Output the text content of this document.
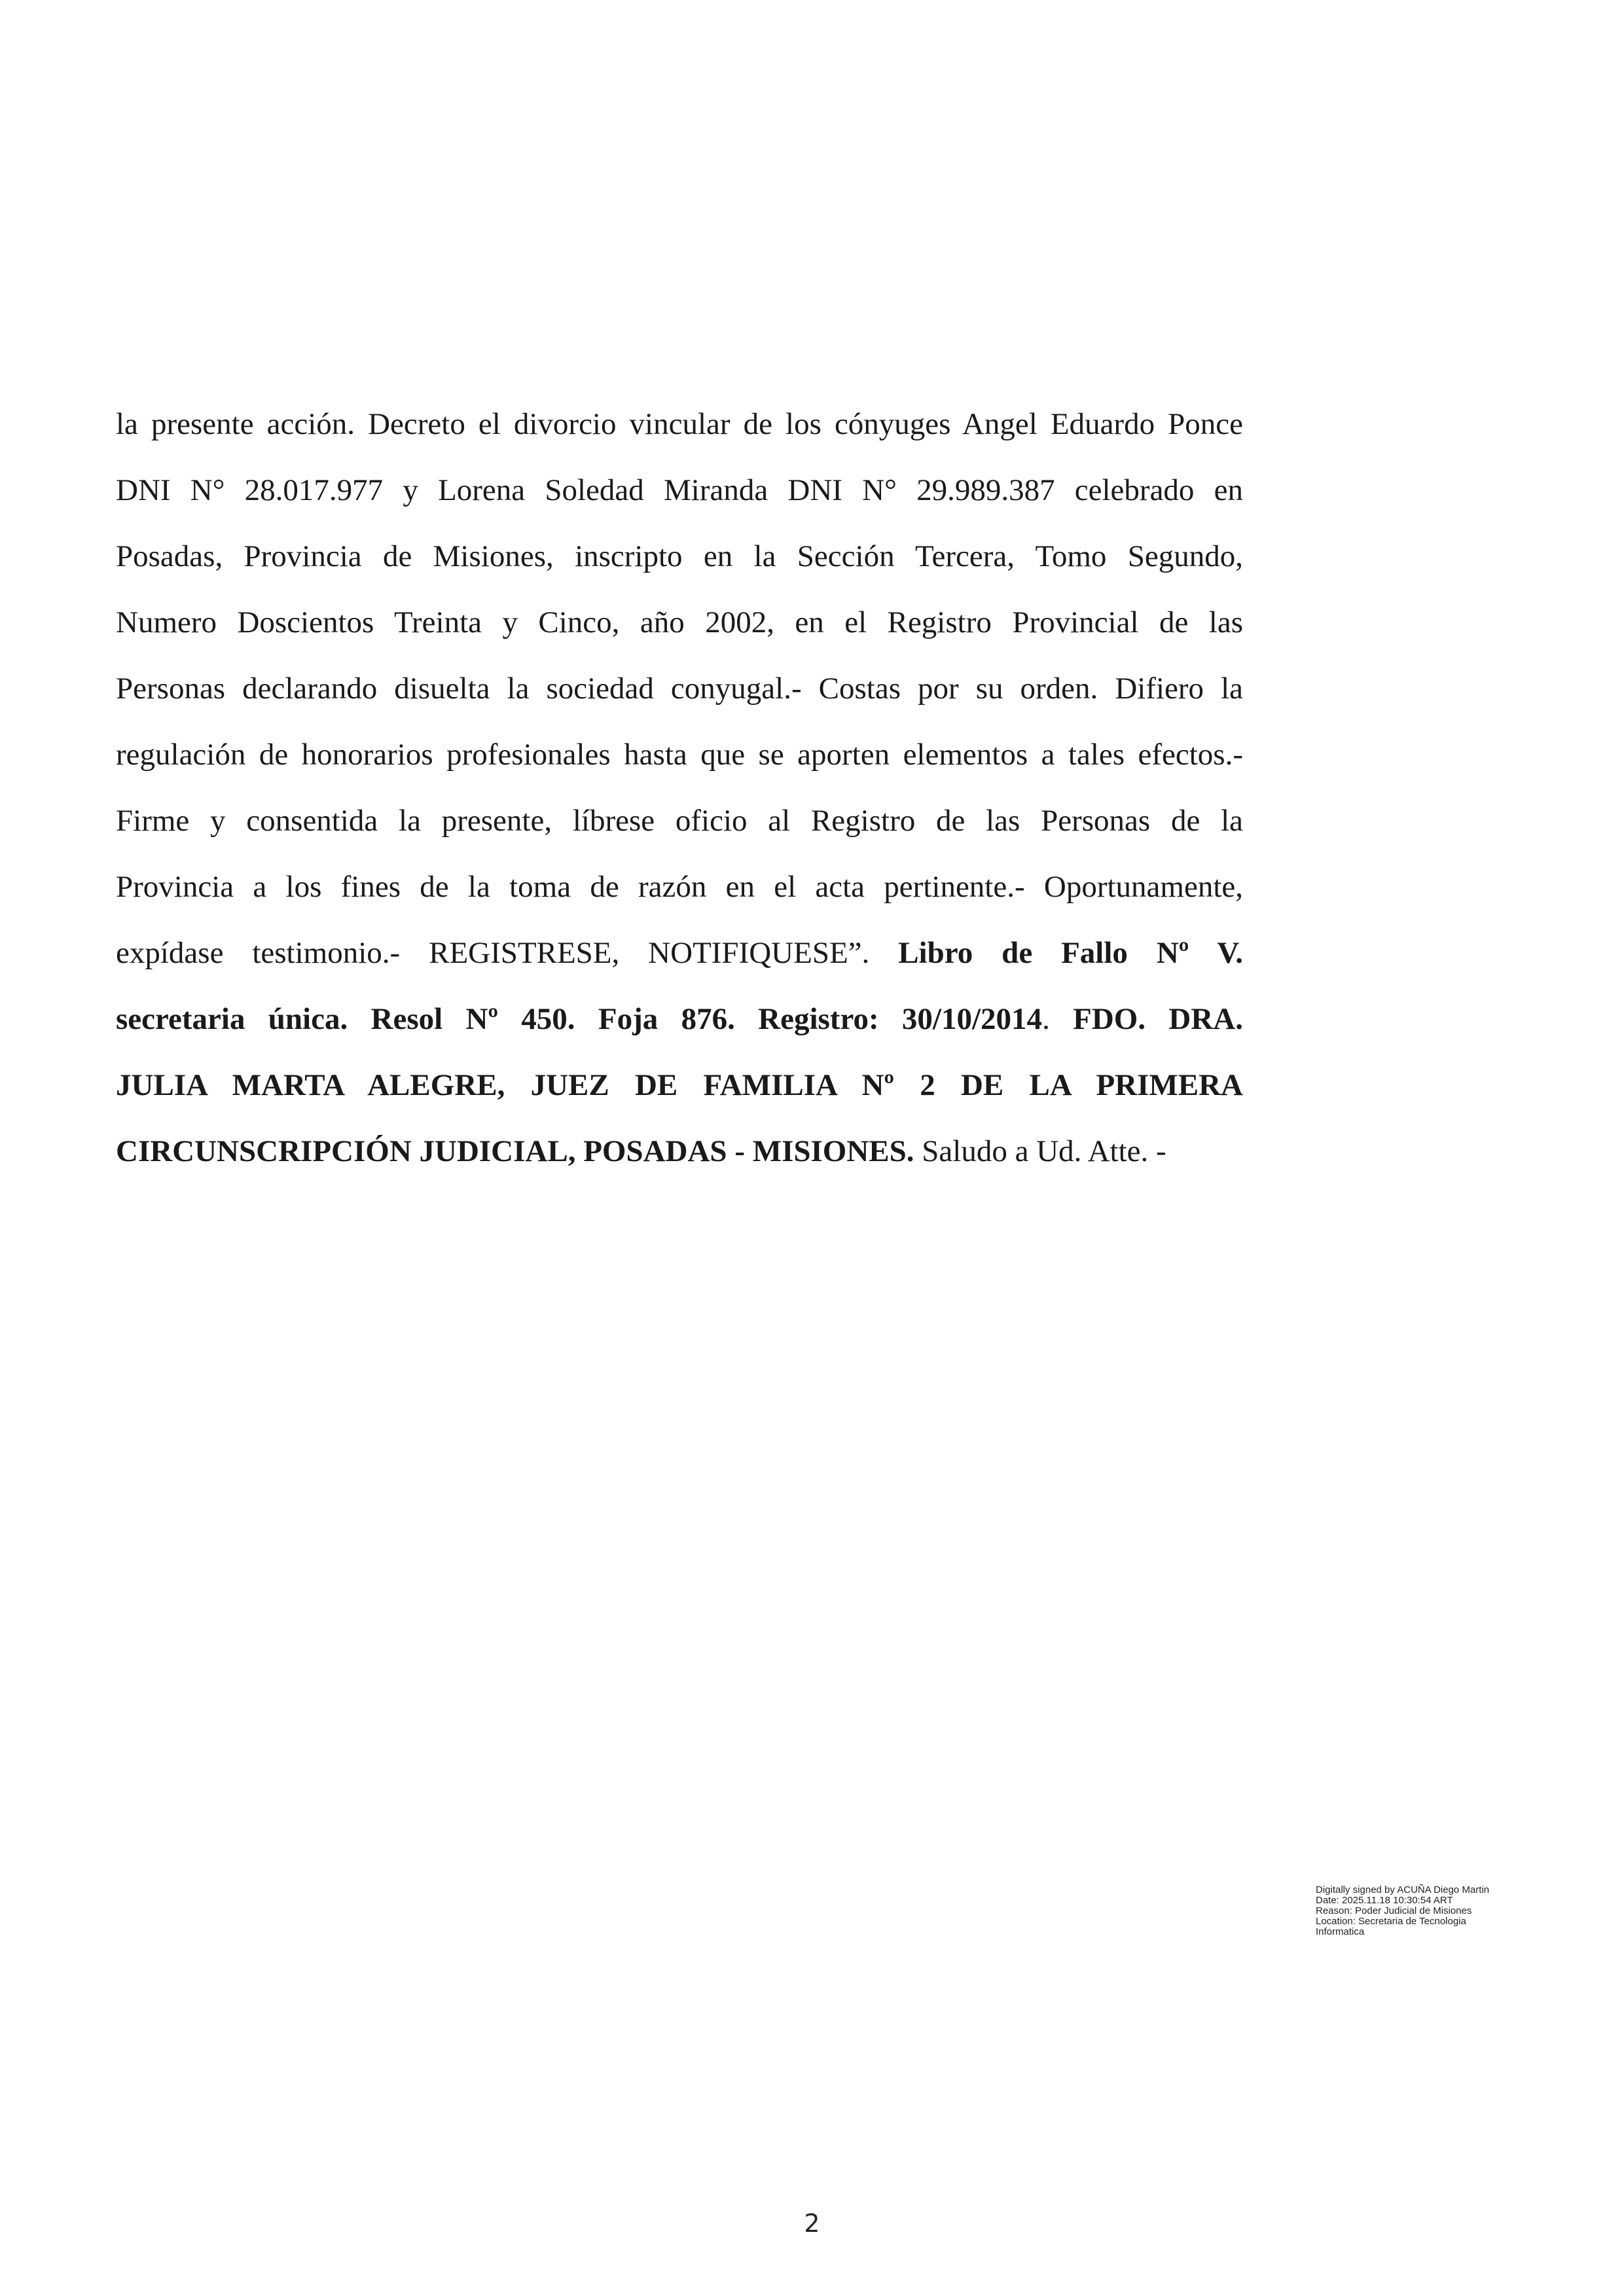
la presente acción. Decreto el divorcio vincular de los cónyuges Angel Eduardo Ponce
DNI N° 28.017.977 y Lorena Soledad Miranda DNI N° 29.989.387 celebrado en
Posadas, Provincia de Misiones, inscripto en la Sección Tercera, Tomo Segundo,
Numero Doscientos Treinta y Cinco, año 2002, en el Registro Provincial de las
Personas declarando disuelta la sociedad conyugal.- Costas por su orden. Difiero la
regulación de honorarios profesionales hasta que se aporten elementos a tales efectos.-
Firme y consentida la presente, líbrese oficio al Registro de las Personas de la
Provincia a los fines de la toma de razón en el acta pertinente.- Oportunamente,
expídase testimonio.- REGISTRESE, NOTIFIQUESE”. Libro de Fallo Nº V.
secretaria única. Resol Nº 450. Foja 876. Registro: 30/10/2014. FDO. DRA.
JULIA MARTA ALEGRE, JUEZ DE FAMILIA Nº 2 DE LA PRIMERA
CIRCUNSCRIPCIÓN JUDICIAL, POSADAS - MISIONES. Saludo a Ud. Atte. -
Digitally signed by ACUÑA Diego Martin
Date: 2025.11.18 10:30:54 ART
Reason: Poder Judicial de Misiones
Location: Secretaria de Tecnologia
Informatica
2
